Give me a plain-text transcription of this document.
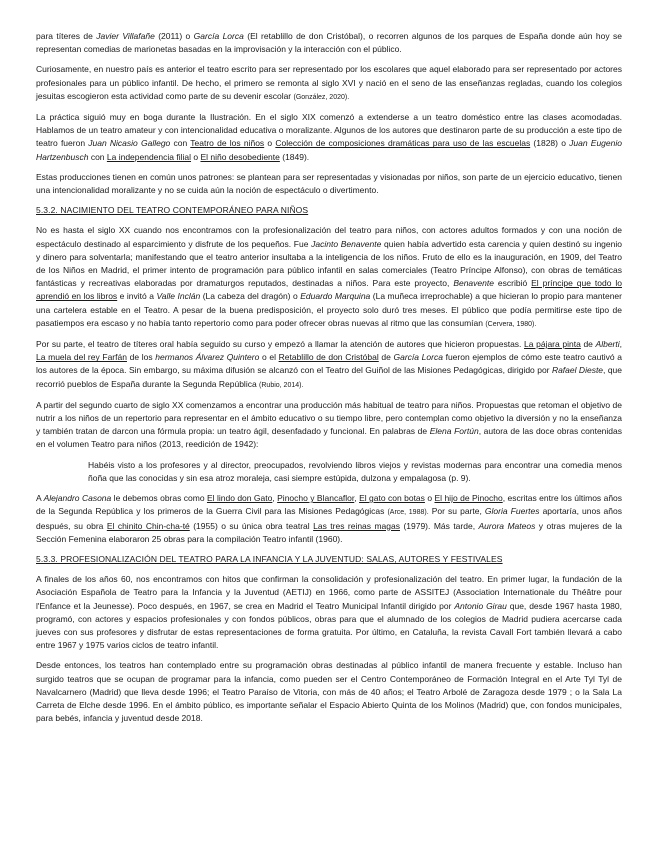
para títeres de Javier Villafañe (2011) o García Lorca (El retablillo de don Cristóbal), o recorren algunos de los parques de España donde aún hoy se representan comedias de marionetas basadas en la improvisación y la interacción con el público.

Curiosamente, en nuestro país es anterior el teatro escrito para ser representado por los escolares que aquel elaborado para ser representado por actores profesionales para un público infantil. De hecho, el primero se remonta al siglo XVI y nació en el seno de las enseñanzas regladas, cuando los colegios jesuitas escogieron esta actividad como parte de su devenir escolar (González, 2020).

La práctica siguió muy en boga durante la Ilustración. En el siglo XIX comenzó a extenderse a un teatro doméstico entre las clases acomodadas. Hablamos de un teatro amateur y con intencionalidad educativa o moralizante. Algunos de los autores que destinaron parte de su producción a este tipo de teatro fueron Juan Nicasio Gallego con Teatro de los niños o Colección de composiciones dramáticas para uso de las escuelas (1828) o Juan Eugenio Hartzenbusch con La independencia filial o El niño desobediente (1849).

Estas producciones tienen en común unos patrones: se plantean para ser representadas y visionadas por niños, son parte de un ejercicio educativo, tienen una intencionalidad moralizante y no se cuida aún la noción de espectáculo o divertimento.

5.3.2. NACIMIENTO DEL TEATRO CONTEMPORÁNEO PARA NIÑOS

No es hasta el siglo XX cuando nos encontramos con la profesionalización del teatro para niños, con actores adultos formados y con una noción de espectáculo destinado al esparcimiento y disfrute de los pequeños. Fue Jacinto Benavente quien había advertido esta carencia y quien destinó su ingenio y dinero para solventarla; manifestando que el teatro anterior insultaba a la inteligencia de los niños. Fruto de ello es la inauguración, en 1909, del Teatro de los Niños en Madrid, el primer intento de programación para público infantil en salas comerciales (Teatro Príncipe Alfonso), con obras de temáticas fantásticas y recreativas elaboradas por dramaturgos reputados, destinadas a niños. Para este proyecto, Benavente escribió El príncipe que todo lo aprendió en los libros e invitó a Valle Inclán (La cabeza del dragón) o Eduardo Marquina (La muñeca irreprochable) a que hicieran lo propio para mantener una cartelera estable en el Teatro. A pesar de la buena predisposición, el proyecto solo duró tres meses. El público que podía permitirse este tipo de pasatiempos era escaso y no había tanto repertorio como para poder ofrecer obras nuevas al ritmo que las consumían (Cervera, 1980).

Por su parte, el teatro de títeres oral había seguido su curso y empezó a llamar la atención de autores que hicieron propuestas. La pájara pinta de Alberti, La muela del rey Farfán de los hermanos Álvarez Quintero o el Retablillo de don Cristóbal de García Lorca fueron ejemplos de cómo este teatro cautivó a los autores de la época. Sin embargo, su máxima difusión se alcanzó con el Teatro del Guiñol de las Misiones Pedagógicas, dirigido por Rafael Dieste, que recorrió pueblos de España durante la Segunda República (Rubio, 2014).

A partir del segundo cuarto de siglo XX comenzamos a encontrar una producción más habitual de teatro para niños. Propuestas que retoman el objetivo de nutrir a los niños de un repertorio para representar en el ámbito educativo o su tiempo libre, pero contemplan como objetivo la diversión y no la enseñanza y también tratan de darcon una fórmula propia: un teatro ágil, desenfadado y funcional. En palabras de Elena Fortún, autora de las doce obras contenidas en el volumen Teatro para niños (2013, reedición de 1942):

Habéis visto a los profesores y al director, preocupados, revolviendo libros viejos y revistas modernas para encontrar una comedia menos ñoña que las conocidas y sin esa atroz moraleja, casi siempre estúpida, dulzona y empalagosa (p. 9).

A Alejandro Casona le debemos obras como El lindo don Gato, Pinocho y Blancaflor, El gato con botas o El hijo de Pinocho, escritas entre los últimos años de la Segunda República y los primeros de la Guerra Civil para las Misiones Pedagógicas (Arce, 1988). Por su parte, Gloria Fuertes aportaría, unos años después, su obra El chinito Chin-cha-té (1955) o su única obra teatral Las tres reinas magas (1979). Más tarde, Aurora Mateos y otras mujeres de la Sección Femenina elaboraron 25 obras para la compilación Teatro infantil (1960).

5.3.3. PROFESIONALIZACIÓN DEL TEATRO PARA LA INFANCIA Y LA JUVENTUD: SALAS, AUTORES Y FESTIVALES

A finales de los años 60, nos encontramos con hitos que confirman la consolidación y profesionalización del teatro. En primer lugar, la fundación de la Asociación Española de Teatro para la Infancia y la Juventud (AETIJ) en 1966, como parte de ASSITEJ (Association Internationale du Théâtre pour l'Enfance et la Jeunesse). Poco después, en 1967, se crea en Madrid el Teatro Municipal Infantil dirigido por Antonio Girau que, desde 1967 hasta 1980, programó, con actores y espacios profesionales y con fondos públicos, obras para que el alumnado de los colegios de Madrid pudiera acercarse cada jueves con sus profesores y disfrutar de estas representaciones de forma gratuita. Por último, en Cataluña, la revista Cavall Fort también llevará a cabo entre 1967 y 1975 varios ciclos de teatro infantil.

Desde entonces, los teatros han contemplado entre su programación obras destinadas al público infantil de manera frecuente y estable. Incluso han surgido teatros que se ocupan de programar para la infancia, como pueden ser el Centro Contemporáneo de Formación Integral en el Arte Tyl Tyl de Navalcarnero (Madrid) que lleva desde 1996; el Teatro Paraíso de Vitoria, con más de 40 años; el Teatro Arbolé de Zaragoza desde 1979 ; o la Sala La Carreta de Elche desde 1996. En el ámbito público, es importante señalar el Espacio Abierto Quinta de los Molinos (Madrid) que, con fondos municipales, para bebés, infancia y juventud desde 2018.
